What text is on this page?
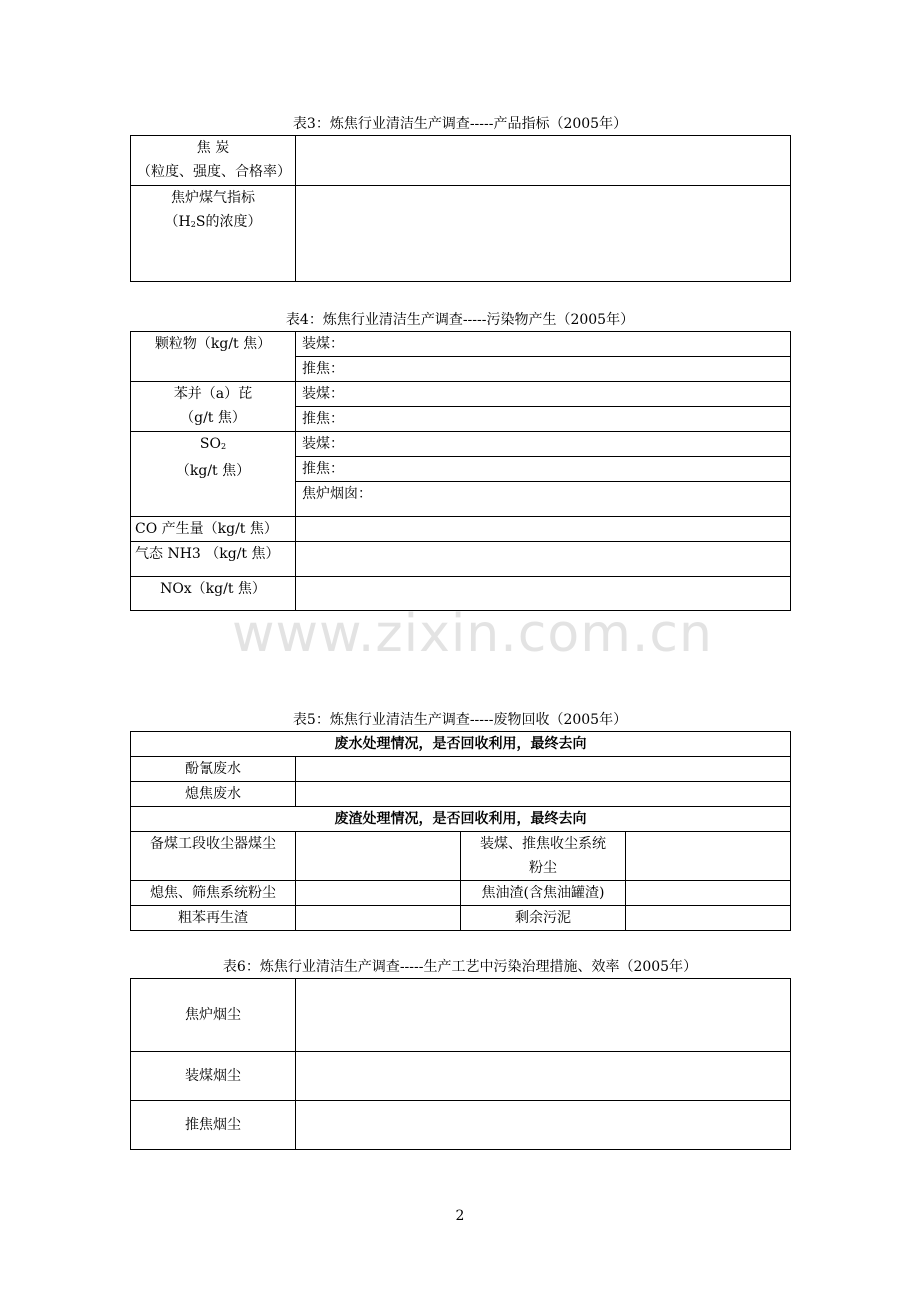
表3：炼焦行业清洁生产调查-----产品指标（2005年）
焦 炭
（粒度、强度、合格率）	

焦炉煤气指标
（H2S的浓度）	

表4：炼焦行业清洁生产调查-----污染物产生（2005年）
颗粒物（kg/t 焦）	装煤：
	推焦：

苯并（a）芘
（g/t 焦）	装煤：
	推焦：

SO2
（kg/t 焦）	装煤：
	推焦：
	焦炉烟囱：
CO 产生量（kg/t 焦）	
气态 NH3 （kg/t 焦）	
NOx（kg/t 焦）	
www.zixin.com.cn
表5：炼焦行业清洁生产调查-----废物回收（2005年）
废水处理情况，是否回收利用，最终去向			
酚氰废水			
熄焦废水			
废渣处理情况，是否回收利用，最终去向			
备煤工段收尘器煤尘		装煤、推焦收尘系统
粉尘	

熄焦、筛焦系统粉尘		焦油渣(含焦油罐渣)	
粗苯再生渣		剩余污泥	
表6：炼焦行业清洁生产调查-----生产工艺中污染治理措施、效率（2005年）
焦炉烟尘	
装煤烟尘	
推焦烟尘	
2
